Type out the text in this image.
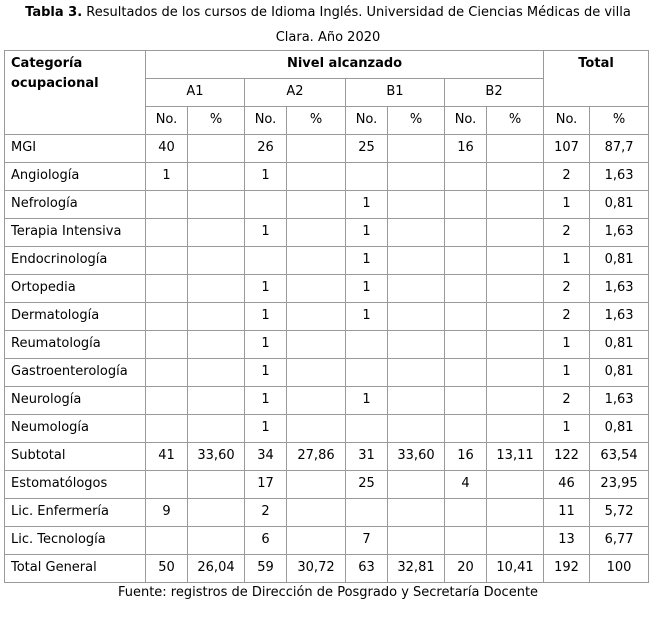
Tabla 3. Resultados de los cursos de Idioma Inglés. Universidad de Ciencias Médicas de villa
Clara. Año 2020
Categoría ocupacional	Nivel alcanzado								Total	
	A1		A2		B1		B2			
	No.	%	No.	%	No.	%	No.	%	No.	%
MGI	40		26		25		16		107	87,7
Angiología	1		1						2	1,63
Nefrología					1				1	0,81
Terapia Intensiva			1		1				2	1,63
Endocrinología					1				1	0,81
Ortopedia			1		1				2	1,63
Dermatología			1		1				2	1,63
Reumatología			1						1	0,81
Gastroenterología			1						1	0,81
Neurología			1		1				2	1,63
Neumología			1						1	0,81
Subtotal	41	33,60	34	27,86	31	33,60	16	13,11	122	63,54
Estomatólogos			17		25		4		46	23,95
Lic. Enfermería	9		2						11	5,72
Lic. Tecnología			6		7				13	6,77
Total General	50	26,04	59	30,72	63	32,81	20	10,41	192	100
Fuente: registros de Dirección de Posgrado y Secretaría Docente
